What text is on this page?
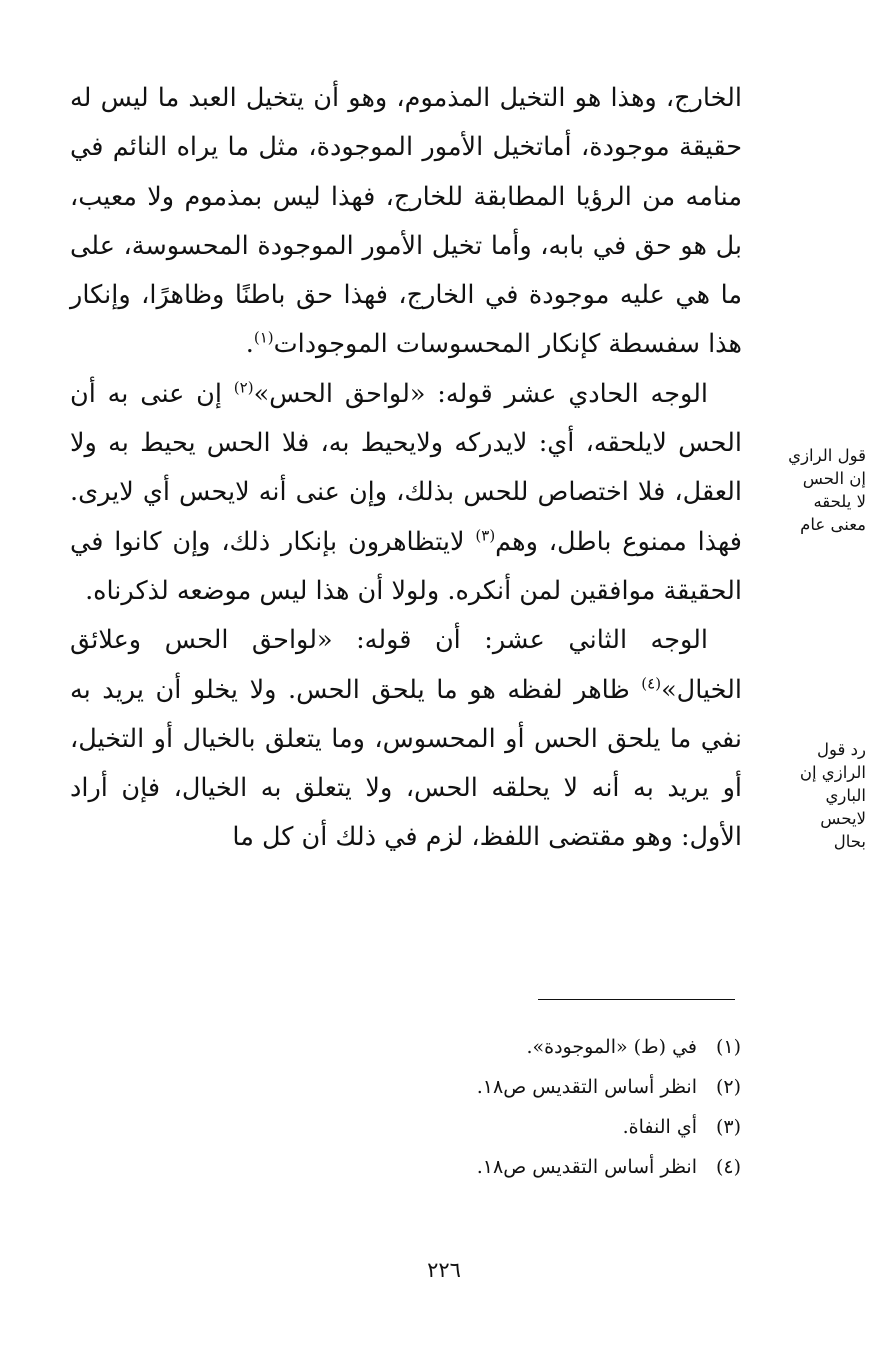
الخارج، وهذا هو التخيل المذموم، وهو أن يتخيل العبد ما ليس له حقيقة موجودة، أماتخيل الأمور الموجودة، مثل ما يراه النائم في منامه من الرؤيا المطابقة للخارج، فهذا ليس بمذموم ولا معيب، بل هو حق في بابه، وأما تخيل الأمور الموجودة المحسوسة، على ما هي عليه موجودة في الخارج، فهذا حق باطنًا وظاهرًا، وإنكار هذا سفسطة كإنكار المحسوسات الموجودات$^{(١)}$.

الوجه الحادي عشر قوله: «لواحق الحس»$^{(٢)}$ إن عنى به أن الحس لايلحقه، أي: لايدركه ولايحيط به، فلا الحس يحيط به ولا العقل، فلا اختصاص للحس بذلك، وإن عنى أنه لايحس أي لايرى. فهذا ممنوع باطل، وهم$^{(٣)}$ لايتظاهرون بإنكار ذلك، وإن كانوا في الحقيقة موافقين لمن أنكره. ولولا أن هذا ليس موضعه لذكرناه.

الوجه الثاني عشر: أن قوله: «لواحق الحس وعلائق الخيال»$^{(٤)}$ ظاهر لفظه هو ما يلحق الحس. ولا يخلو أن يريد به نفي ما يلحق الحس أو المحسوس، وما يتعلق بالخيال أو التخيل، أو يريد به أنه لا يحلقه الحس، ولا يتعلق به الخيال، فإن أراد الأول: وهو مقتضى اللفظ، لزم في ذلك أن كل ما

قول الرازي
إن الحس
لا يلحقه
معنى عام
رد قول
الرازي إن
الباري
لايحس
بحال
(١)في (ط) «الموجودة».
(٢)انظر أساس التقديس ص١٨.
(٣)أي النفاة.
(٤)انظر أساس التقديس ص١٨.
٢٢٦
